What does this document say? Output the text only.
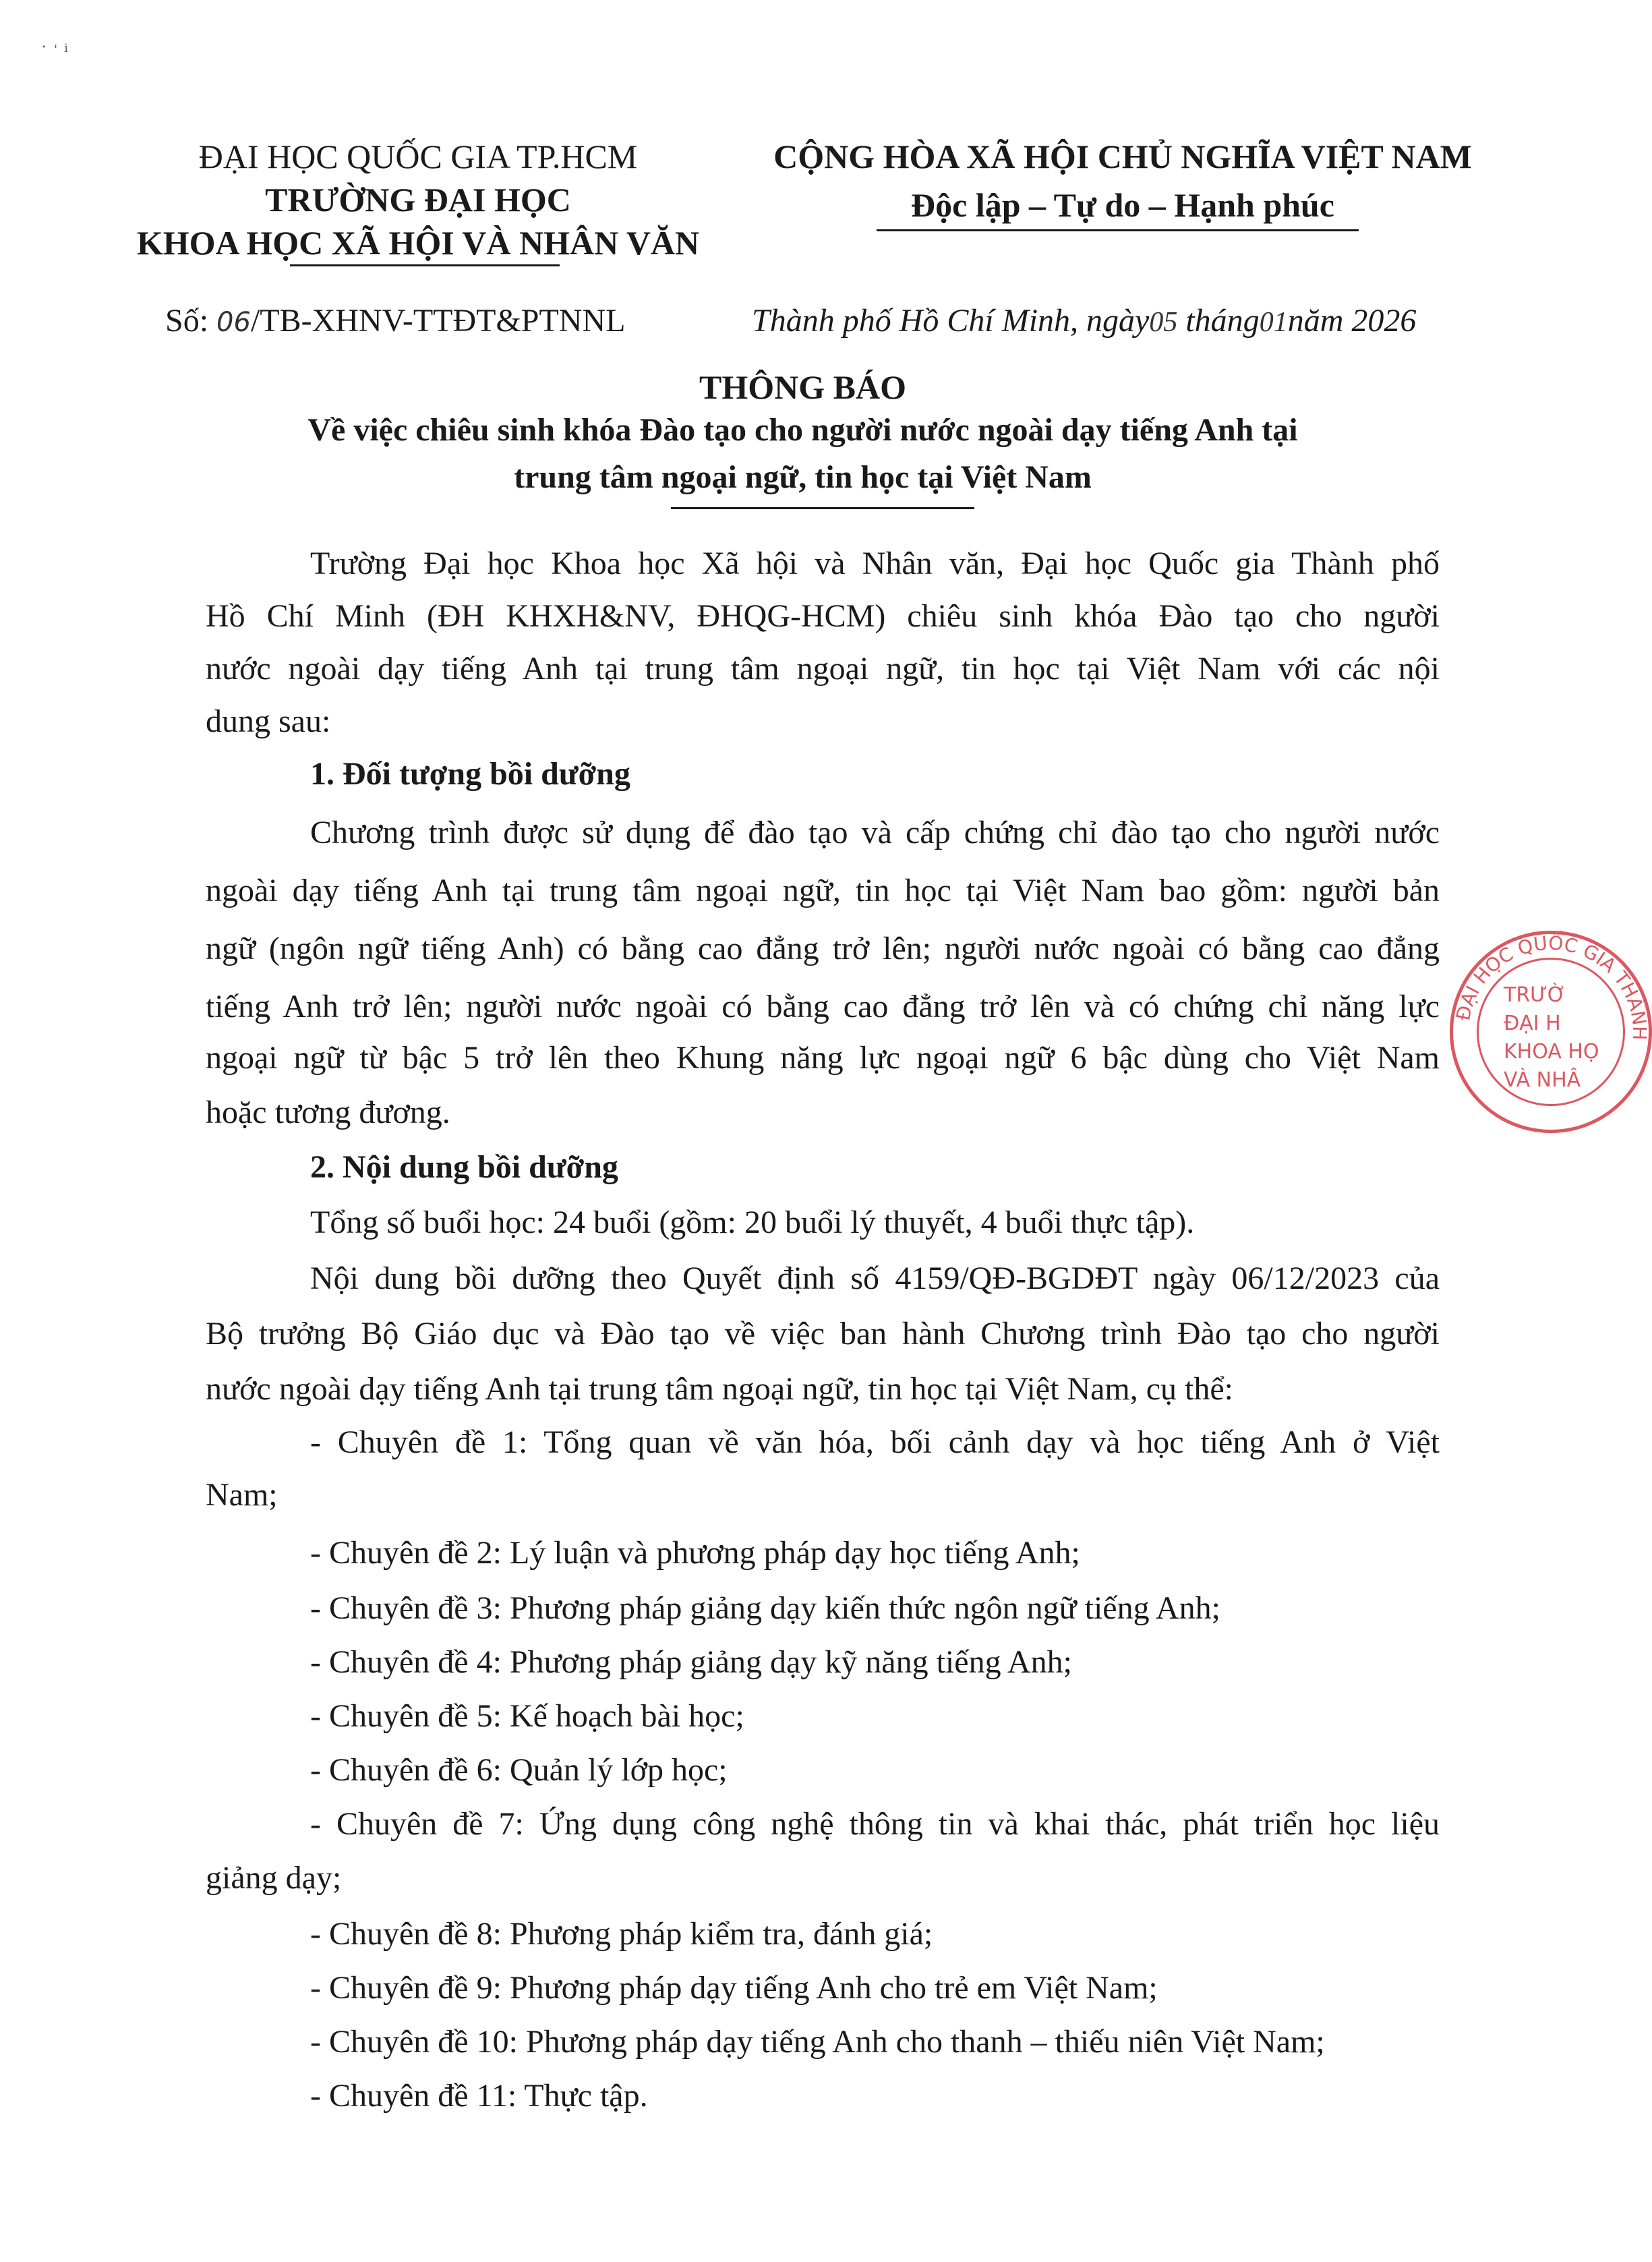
˙ ˈ ⁱ
ĐẠI HỌC QUỐC GIA TP.HCM
TRƯỜNG ĐẠI HỌC
KHOA HỌC XÃ HỘI VÀ NHÂN VĂN
CỘNG HÒA XÃ HỘI CHỦ NGHĨA VIỆT NAM
Độc lập – Tự do – Hạnh phúc
Số: 06/TB-XHNV-TTĐT&PTNNL	Thành phố Hồ Chí Minh, ngày05 tháng01năm 2026
THÔNG BÁO
Về việc chiêu sinh khóa Đào tạo cho người nước ngoài dạy tiếng Anh tại
trung tâm ngoại ngữ, tin học tại Việt Nam
Trường Đại học Khoa học Xã hội và Nhân văn, Đại học Quốc gia Thành phố
Hồ Chí Minh (ĐH KHXH&NV, ĐHQG-HCM) chiêu sinh khóa Đào tạo cho người
nước ngoài dạy tiếng Anh tại trung tâm ngoại ngữ, tin học tại Việt Nam với các nội
dung sau:
1. Đối tượng bồi dưỡng
Chương trình được sử dụng để đào tạo và cấp chứng chỉ đào tạo cho người nước
ngoài dạy tiếng Anh tại trung tâm ngoại ngữ, tin học tại Việt Nam bao gồm: người bản
ngữ (ngôn ngữ tiếng Anh) có bằng cao đẳng trở lên; người nước ngoài có bằng cao đẳng
tiếng Anh trở lên; người nước ngoài có bằng cao đẳng trở lên và có chứng chỉ năng lực
ngoại ngữ từ bậc 5 trở lên theo Khung năng lực ngoại ngữ 6 bậc dùng cho Việt Nam
hoặc tương đương.
2. Nội dung bồi dưỡng
Tổng số buổi học: 24 buổi (gồm: 20 buổi lý thuyết, 4 buổi thực tập).
Nội dung bồi dưỡng theo Quyết định số 4159/QĐ-BGDĐT ngày 06/12/2023 của
Bộ trưởng Bộ Giáo dục và Đào tạo về việc ban hành Chương trình Đào tạo cho người
nước ngoài dạy tiếng Anh tại trung tâm ngoại ngữ, tin học tại Việt Nam, cụ thể:
- Chuyên đề 1: Tổng quan về văn hóa, bối cảnh dạy và học tiếng Anh ở Việt
Nam;
- Chuyên đề 2: Lý luận và phương pháp dạy học tiếng Anh;
- Chuyên đề 3: Phương pháp giảng dạy kiến thức ngôn ngữ tiếng Anh;
- Chuyên đề 4: Phương pháp giảng dạy kỹ năng tiếng Anh;
- Chuyên đề 5: Kế hoạch bài học;
- Chuyên đề 6: Quản lý lớp học;
- Chuyên đề 7: Ứng dụng công nghệ thông tin và khai thác, phát triển học liệu
giảng dạy;
- Chuyên đề 8: Phương pháp kiểm tra, đánh giá;
- Chuyên đề 9: Phương pháp dạy tiếng Anh cho trẻ em Việt Nam;
- Chuyên đề 10: Phương pháp dạy tiếng Anh cho thanh – thiếu niên Việt Nam;
- Chuyên đề 11: Thực tập.
ĐẠI HỌC QUỐC GIA THÀNH
TRƯỜ
ĐẠI H
KHOA HỌ
VÀ NHÂ
